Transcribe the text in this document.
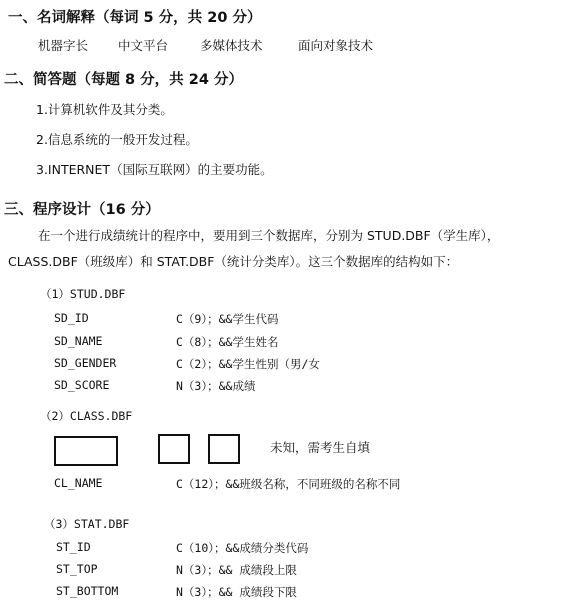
一、名词解释（每词 5 分，共 20 分）
机器字长 中文平台	多媒体技术	面向对象技术
二、简答题（每题 8 分，共 24 分）
1.计算机软件及其分类。
2.信息系统的一般开发过程。
3.INTERNET（国际互联网）的主要功能。
三、程序设计（16 分）
在一个进行成绩统计的程序中，要用到三个数据库，分别为 STUD.DBF（学生库），
CLASS.DBF（班级库）和 STAT.DBF（统计分类库）。这三个数据库的结构如下：
（1）STUD.DBF
SD_ID	C（9）；&&学生代码
SD_NAME	C（8）；&&学生姓名
SD_GENDER	C（2）；&&学生性别（男/女
SD_SCORE	N（3）；&&成绩
（2）CLASS.DBF
未知，需考生自填
CL_NAME	C（12）；&&班级名称，不同班级的名称不同
（3）STAT.DBF
ST_ID	C（10）；&&成绩分类代码
ST_TOP	N（3）；&& 成绩段上限
ST_BOTTOM	N（3）；&& 成绩段下限
